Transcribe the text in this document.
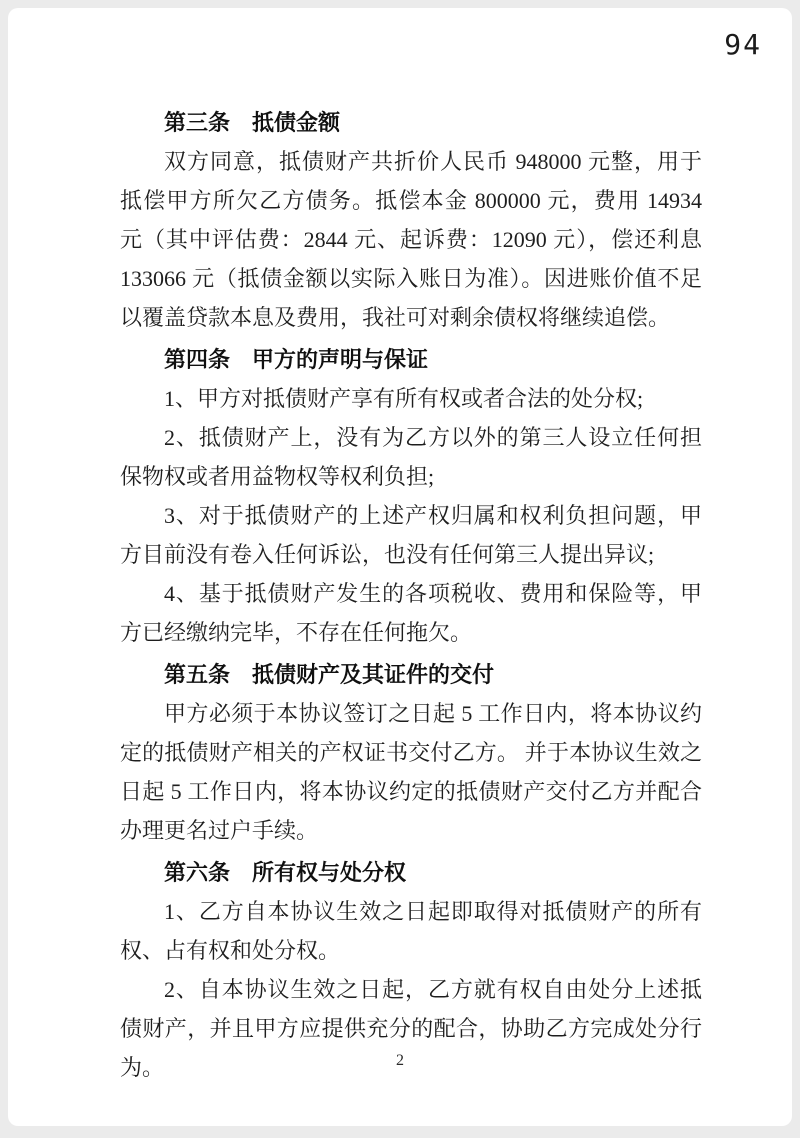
94
第三条　抵债金额

双方同意，抵债财产共折价人民币 948000 元整，用于抵偿甲方所欠乙方债务。抵偿本金 800000 元，费用 14934 元（其中评估费：2844 元、起诉费：12090 元），偿还利息 133066 元（抵债金额以实际入账日为准）。因进账价值不足以覆盖贷款本息及费用，我社可对剩余债权将继续追偿。

第四条　甲方的声明与保证

1、甲方对抵债财产享有所有权或者合法的处分权;

2、抵债财产上，没有为乙方以外的第三人设立任何担保物权或者用益物权等权利负担;

3、对于抵债财产的上述产权归属和权利负担问题，甲方目前没有卷入任何诉讼，也没有任何第三人提出异议;

4、基于抵债财产发生的各项税收、费用和保险等，甲方已经缴纳完毕，不存在任何拖欠。

第五条　抵债财产及其证件的交付

甲方必须于本协议签订之日起 5 工作日内，将本协议约定的抵债财产相关的产权证书交付乙方。 并于本协议生效之日起 5 工作日内，将本协议约定的抵债财产交付乙方并配合办理更名过户手续。

第六条　所有权与处分权

1、乙方自本协议生效之日起即取得对抵债财产的所有权、占有权和处分权。

2、自本协议生效之日起，乙方就有权自由处分上述抵债财产，并且甲方应提供充分的配合，协助乙方完成处分行为。	2
